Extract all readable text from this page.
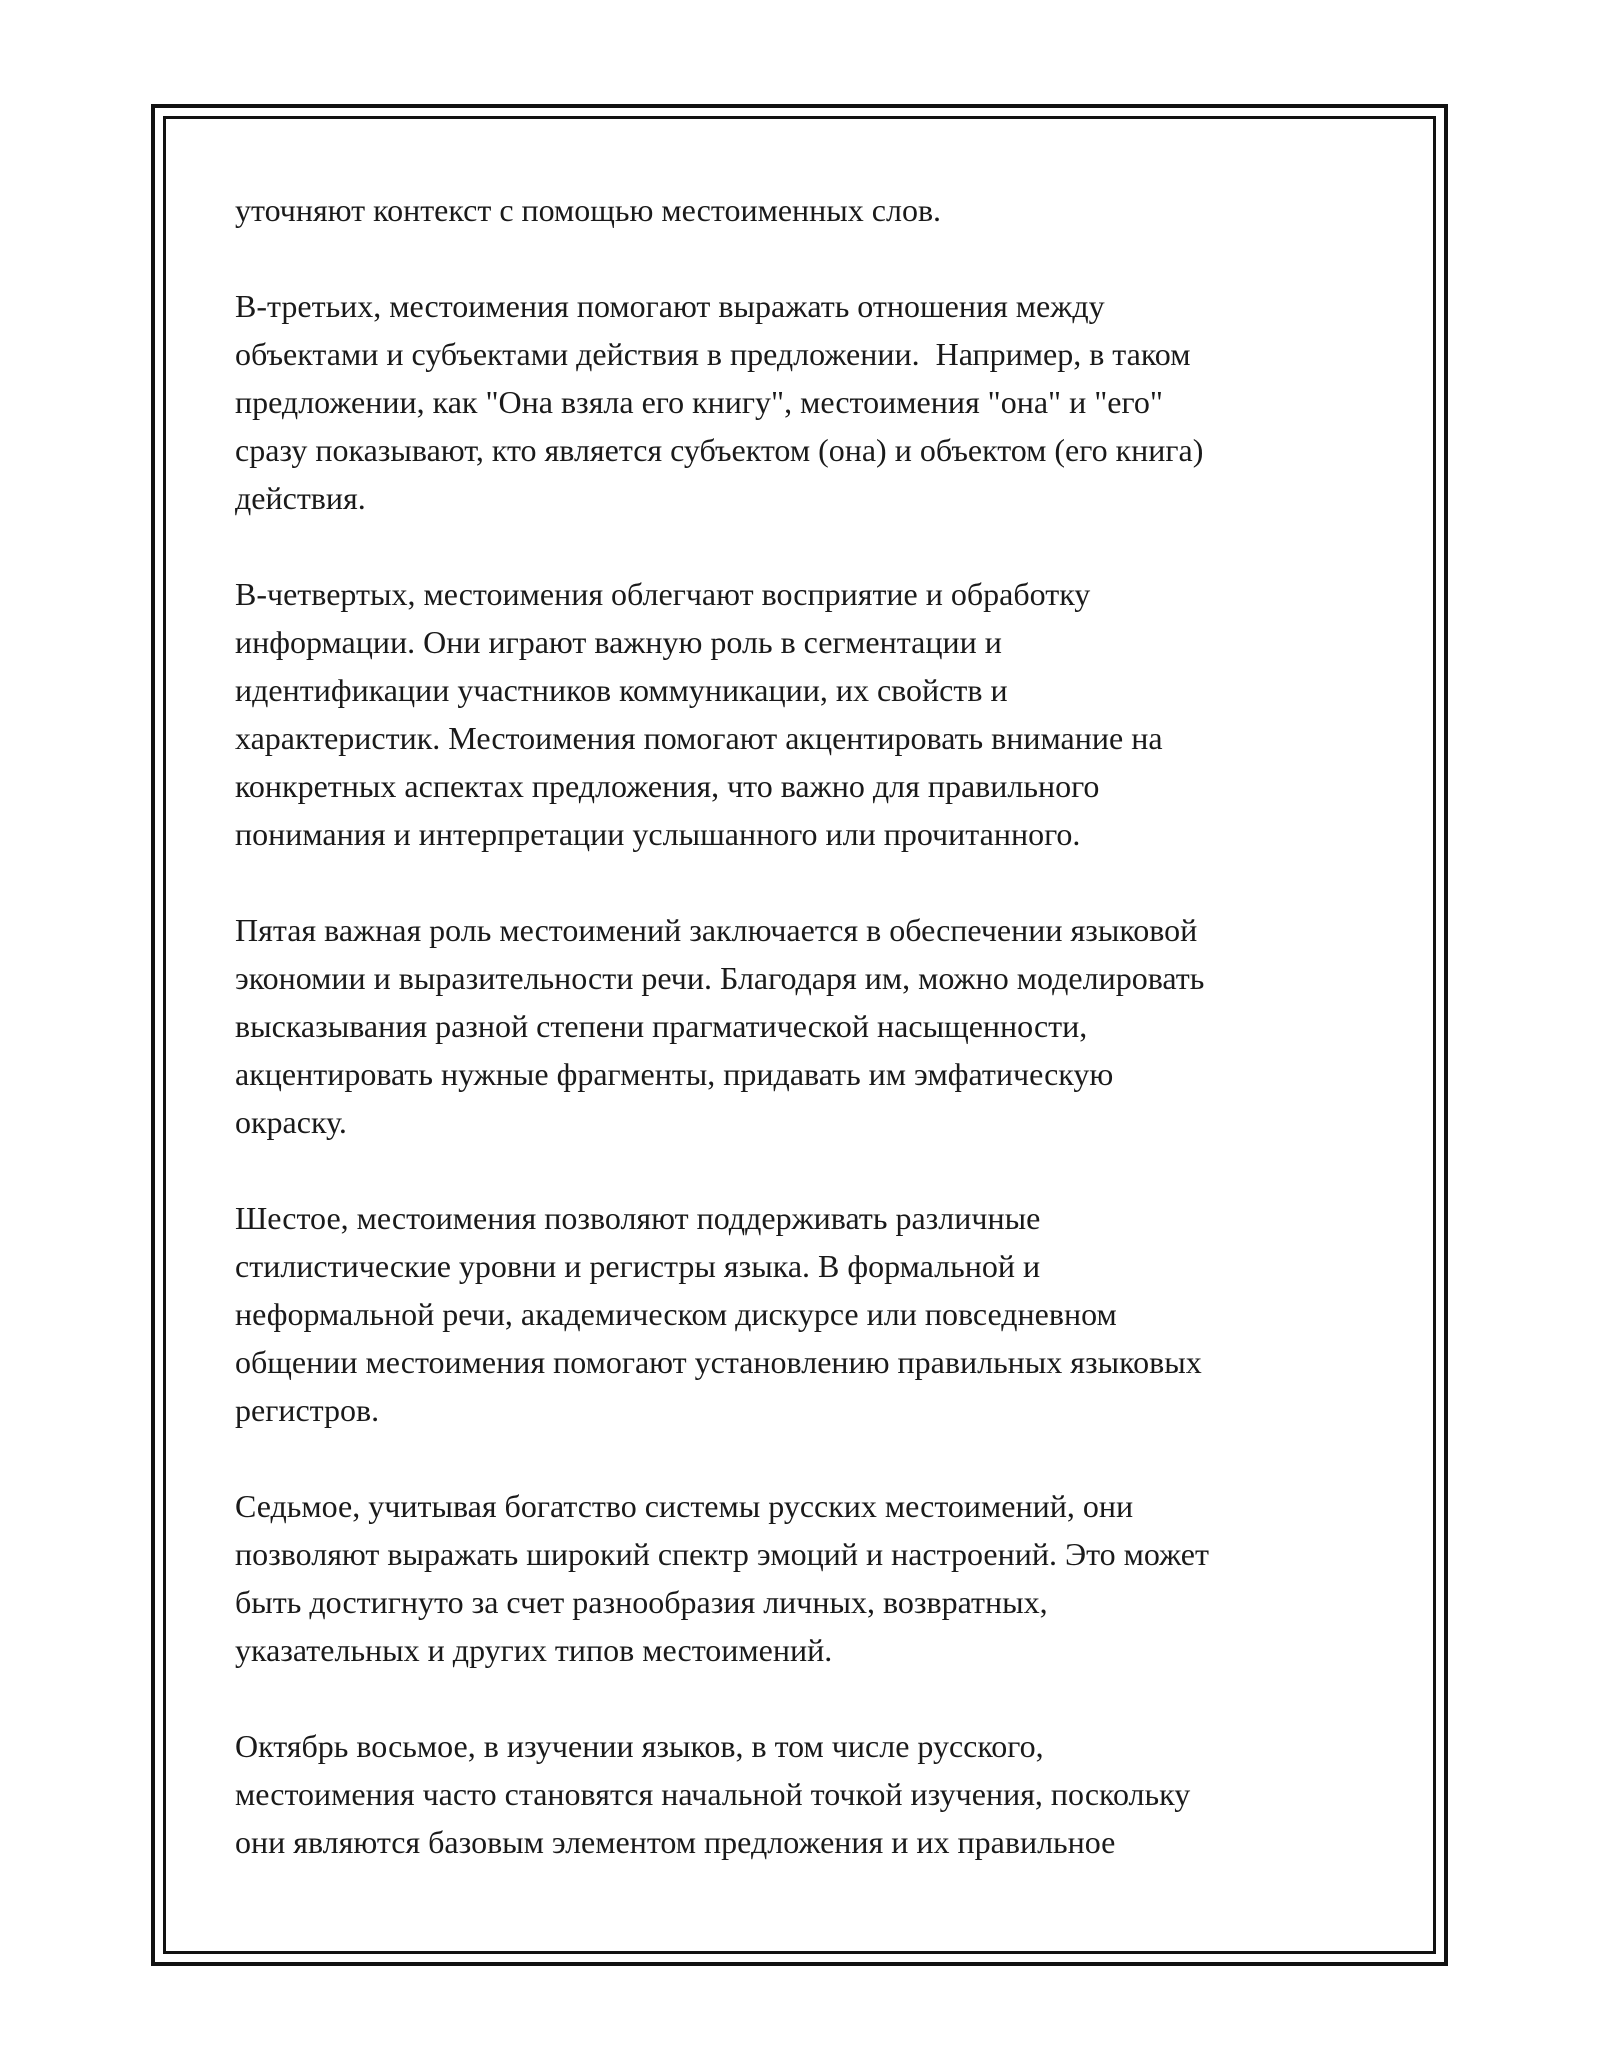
уточняют контекст с помощью местоименных слов.

В-третьих, местоимения помогают выражать отношения между
объектами и субъектами действия в предложении.  Например, в таком
предложении, как "Она взяла его книгу", местоимения "она" и "его"
сразу показывают, кто является субъектом (она) и объектом (его книга)
действия.

В-четвертых, местоимения облегчают восприятие и обработку
информации. Они играют важную роль в сегментации и
идентификации участников коммуникации, их свойств и
характеристик. Местоимения помогают акцентировать внимание на
конкретных аспектах предложения, что важно для правильного
понимания и интерпретации услышанного или прочитанного.

Пятая важная роль местоимений заключается в обеспечении языковой
экономии и выразительности речи. Благодаря им, можно моделировать
высказывания разной степени прагматической насыщенности,
акцентировать нужные фрагменты, придавать им эмфатическую
окраску.

Шестое, местоимения позволяют поддерживать различные
стилистические уровни и регистры языка. В формальной и
неформальной речи, академическом дискурсе или повседневном
общении местоимения помогают установлению правильных языковых
регистров.

Седьмое, учитывая богатство системы русских местоимений, они
позволяют выражать широкий спектр эмоций и настроений. Это может
быть достигнуто за счет разнообразия личных, возвратных,
указательных и других типов местоимений.

Октябрь восьмое, в изучении языков, в том числе русского,
местоимения часто становятся начальной точкой изучения, поскольку
они являются базовым элементом предложения и их правильное
